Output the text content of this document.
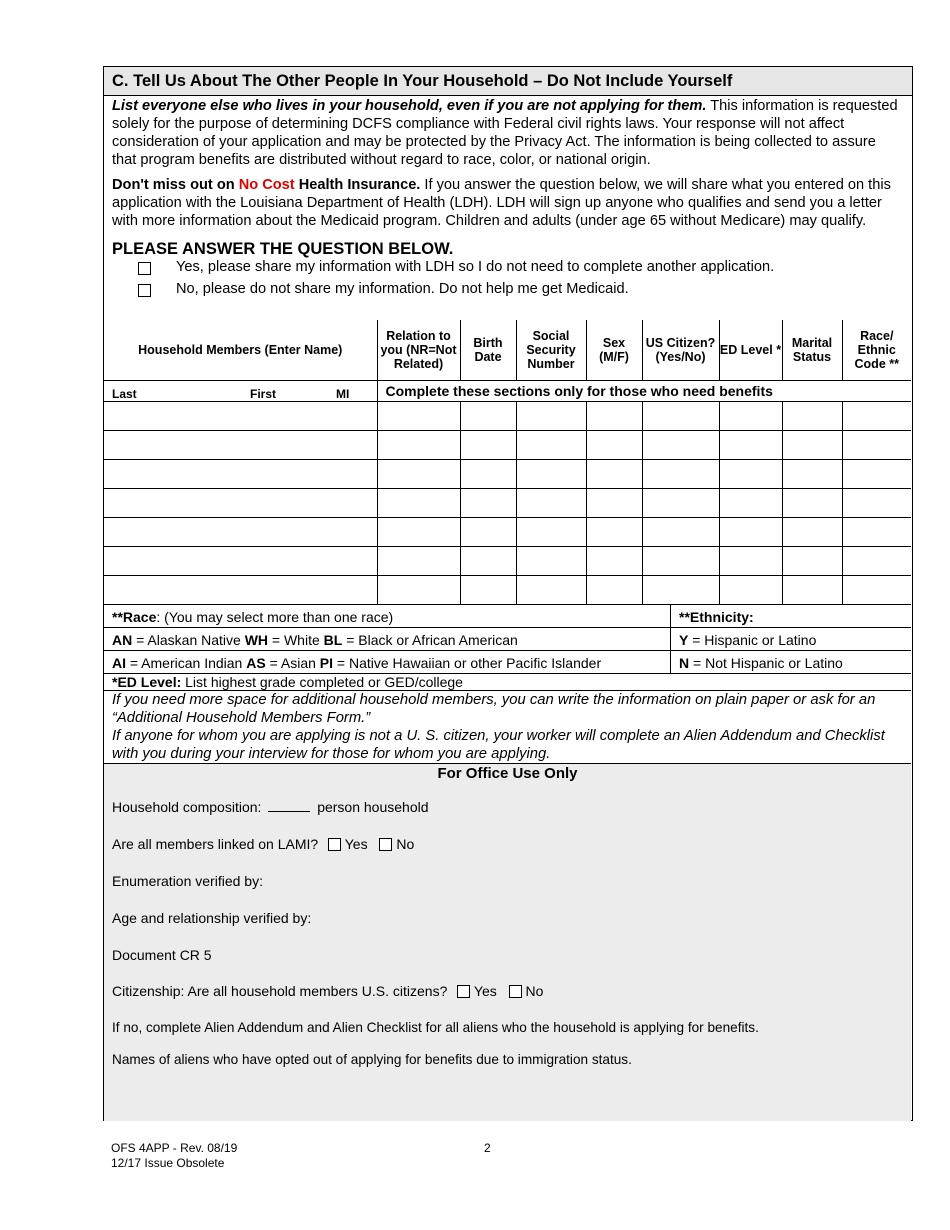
C. Tell Us About The Other People In Your Household – Do Not Include Yourself

List everyone else who lives in your household, even if you are not applying for them. This information is requested solely for the purpose of determining DCFS compliance with Federal civil rights laws. Your response will not affect consideration of your application and may be protected by the Privacy Act. The information is being collected to assure that program benefits are distributed without regard to race, color, or national origin.

Don't miss out on No Cost Health Insurance. If you answer the question below, we will share what you entered on this application with the Louisiana Department of Health (LDH). LDH will sign up anyone who qualifies and send you a letter with more information about the Medicaid program. Children and adults (under age 65 without Medicare) may qualify.

PLEASE ANSWER THE QUESTION BELOW.
Yes, please share my information with LDH so I do not need to complete another application.
No, please do not share my information. Do not help me get Medicaid.
Household Members (Enter Name)	Relation to you (NR=Not Related)	Birth Date	Social Security Number	Sex (M/F)	US Citizen? (Yes/No)	ED Level *	Marital Status	Race/ Ethnic Code **

Last First MI	Complete these sections only for those who need benefits							

**Race: (You may select more than one race)	**Ethnicity:
AN = Alaskan Native WH = White BL = Black or African American	Y = Hispanic or Latino
AI = American Indian AS = Asian PI = Native Hawaiian or other Pacific Islander	N = Not Hispanic or Latino
*ED Level: List highest grade completed or GED/college
If you need more space for additional household members, you can write the information on plain paper or ask for an “Additional Household Members Form.”
If anyone for whom you are applying is not a U. S. citizen, your worker will complete an Alien Addendum and Checklist with you during your interview for those for whom you are applying.
For Office Use Only
Household composition:	person household
Are all members linked on LAMI? Yes No
Enumeration verified by:
Age and relationship verified by:
Document CR 5
Citizenship: Are all household members U.S. citizens? Yes No
If no, complete Alien Addendum and Alien Checklist for all aliens who the household is applying for benefits.
Names of aliens who have opted out of applying for benefits due to immigration status.
OFS 4APP - Rev. 08/19
12/17 Issue Obsolete
2
